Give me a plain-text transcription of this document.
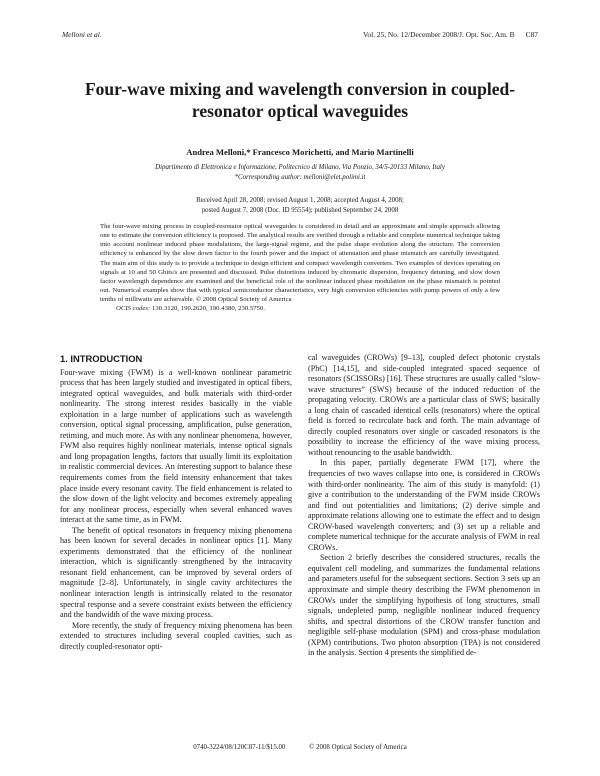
Melloni et al.	Vol. 25, No. 12/December 2008/J. Opt. Soc. Am. B      C87
Four-wave mixing and wavelength conversion in coupled-resonator optical waveguides
Andrea Melloni,* Francesco Morichetti, and Mario Martinelli
Dipartimento di Elettronica e Informazione, Politecnico di Milano, Via Ponzio, 34/5-20133 Milano, Italy
*Corresponding author: melloni@elet.polimi.it
Received April 28, 2008; revised August 1, 2008; accepted August 4, 2008;
posted August 7, 2008 (Doc. ID 95554); published September 24, 2008

The four-wave mixing process in coupled-resonator optical waveguides is considered in detail and an approximate and simple approach allowing one to estimate the conversion efficiency is proposed. The analytical results are verified through a reliable and complete numerical technique taking into account nonlinear induced phase modulations, the large-signal regime, and the pulse shape evolution along the structure. The conversion efficiency is enhanced by the slow down factor to the fourth power and the impact of attenuation and phase mismatch are carefully investigated. The main aim of this study is to provide a technique to design efficient and compact wavelength converters. Two examples of devices operating on signals at 10 and 50 Gbits/s are presented and discussed. Pulse distortions induced by chromatic dispersion, frequency detuning, and slow down factor wavelength dependence are examined and the beneficial role of the nonlinear induced phase modulation on the phase mismatch is pointed out. Numerical examples show that with typical semiconductor characteristics, very high conversion efficiencies with pump powers of only a few tenths of milliwatts are achievable. © 2008 Optical Society of America

OCIS codes: 130.3120, 190.2620, 190.4380, 230.5750.
1. INTRODUCTION

Four-wave mixing (FWM) is a well-known nonlinear parametric process that has been largely studied and investigated in optical fibers, integrated optical waveguides, and bulk materials with third-order nonlinearity. The strong interest resides basically in the viable exploitation in a large number of applications such as wavelength conversion, optical signal processing, amplification, pulse generation, retiming, and much more. As with any nonlinear phenomena, however, FWM also requires highly nonlinear materials, intense optical signals and long propagation lengths, factors that usually limit its exploitation in realistic commercial devices. An interesting support to balance these requirements comes from the field intensity enhancement that takes place inside every resonant cavity. The field enhancement is related to the slow down of the light velocity and becomes extremely appealing for any nonlinear process, especially when several enhanced waves interact at the same time, as in FWM.

The benefit of optical resonators in frequency mixing phenomena has been known for several decades in nonlinear optics [1]. Many experiments demonstrated that the efficiency of the nonlinear interaction, which is significantly strengthened by the intracavity resonant field enhancement, can be improved by several orders of magnitude [2–8]. Unfortunately, in single cavity architectures the nonlinear interaction length is intrinsically related to the resonator spectral response and a severe constraint exists between the efficiency and the bandwidth of the wave mixing process.

More recently, the study of frequency mixing phenomena has been extended to structures including several coupled cavities, such as directly coupled-resonator opti-

cal waveguides (CROWs) [9–13], coupled defect photonic crystals (PhC) [14,15], and side-coupled integrated spaced sequence of resonators (SCISSORs) [16]. These structures are usually called “slow-wave structures” (SWS) because of the induced reduction of the propagating velocity. CROWs are a particular class of SWS; basically a long chain of cascaded identical cells (resonators) where the optical field is forced to recirculate back and forth. The main advantage of directly coupled resonators over single or cascaded resonators is the possibility to increase the efficiency of the wave mixing process, without renouncing to the usable bandwidth.

In this paper, partially degenerate FWM [17], where the frequencies of two waves collapse into one, is considered in CROWs with third-order nonlinearity. The aim of this study is manyfold: (1) give a contribution to the understanding of the FWM inside CROWs and find out potentialities and limitations; (2) derive simple and approximate relations allowing one to estimate the effect and to design CROW-based wavelength converters; and (3) set up a reliable and complete numerical technique for the accurate analysis of FWM in real CROWs.

Section 2 briefly describes the considered structures, recalls the equivalent cell modeling, and summarizes the fundamental relations and parameters useful for the subsequent sections. Section 3 sets up an approximate and simple theory describing the FWM phenomenon in CROWs under the simplifying hypothesis of long structures, small signals, undepleted pump, negligible nonlinear induced frequency shifts, and spectral distortions of the CROW transfer function and negligible self-phase modulation (SPM) and cross-phase modulation (XPM) contributions. Two photon absorption (TPA) is not considered in the analysis. Section 4 presents the simplified de-

0740-3224/08/120C87-11/$15.00	© 2008 Optical Society of America
